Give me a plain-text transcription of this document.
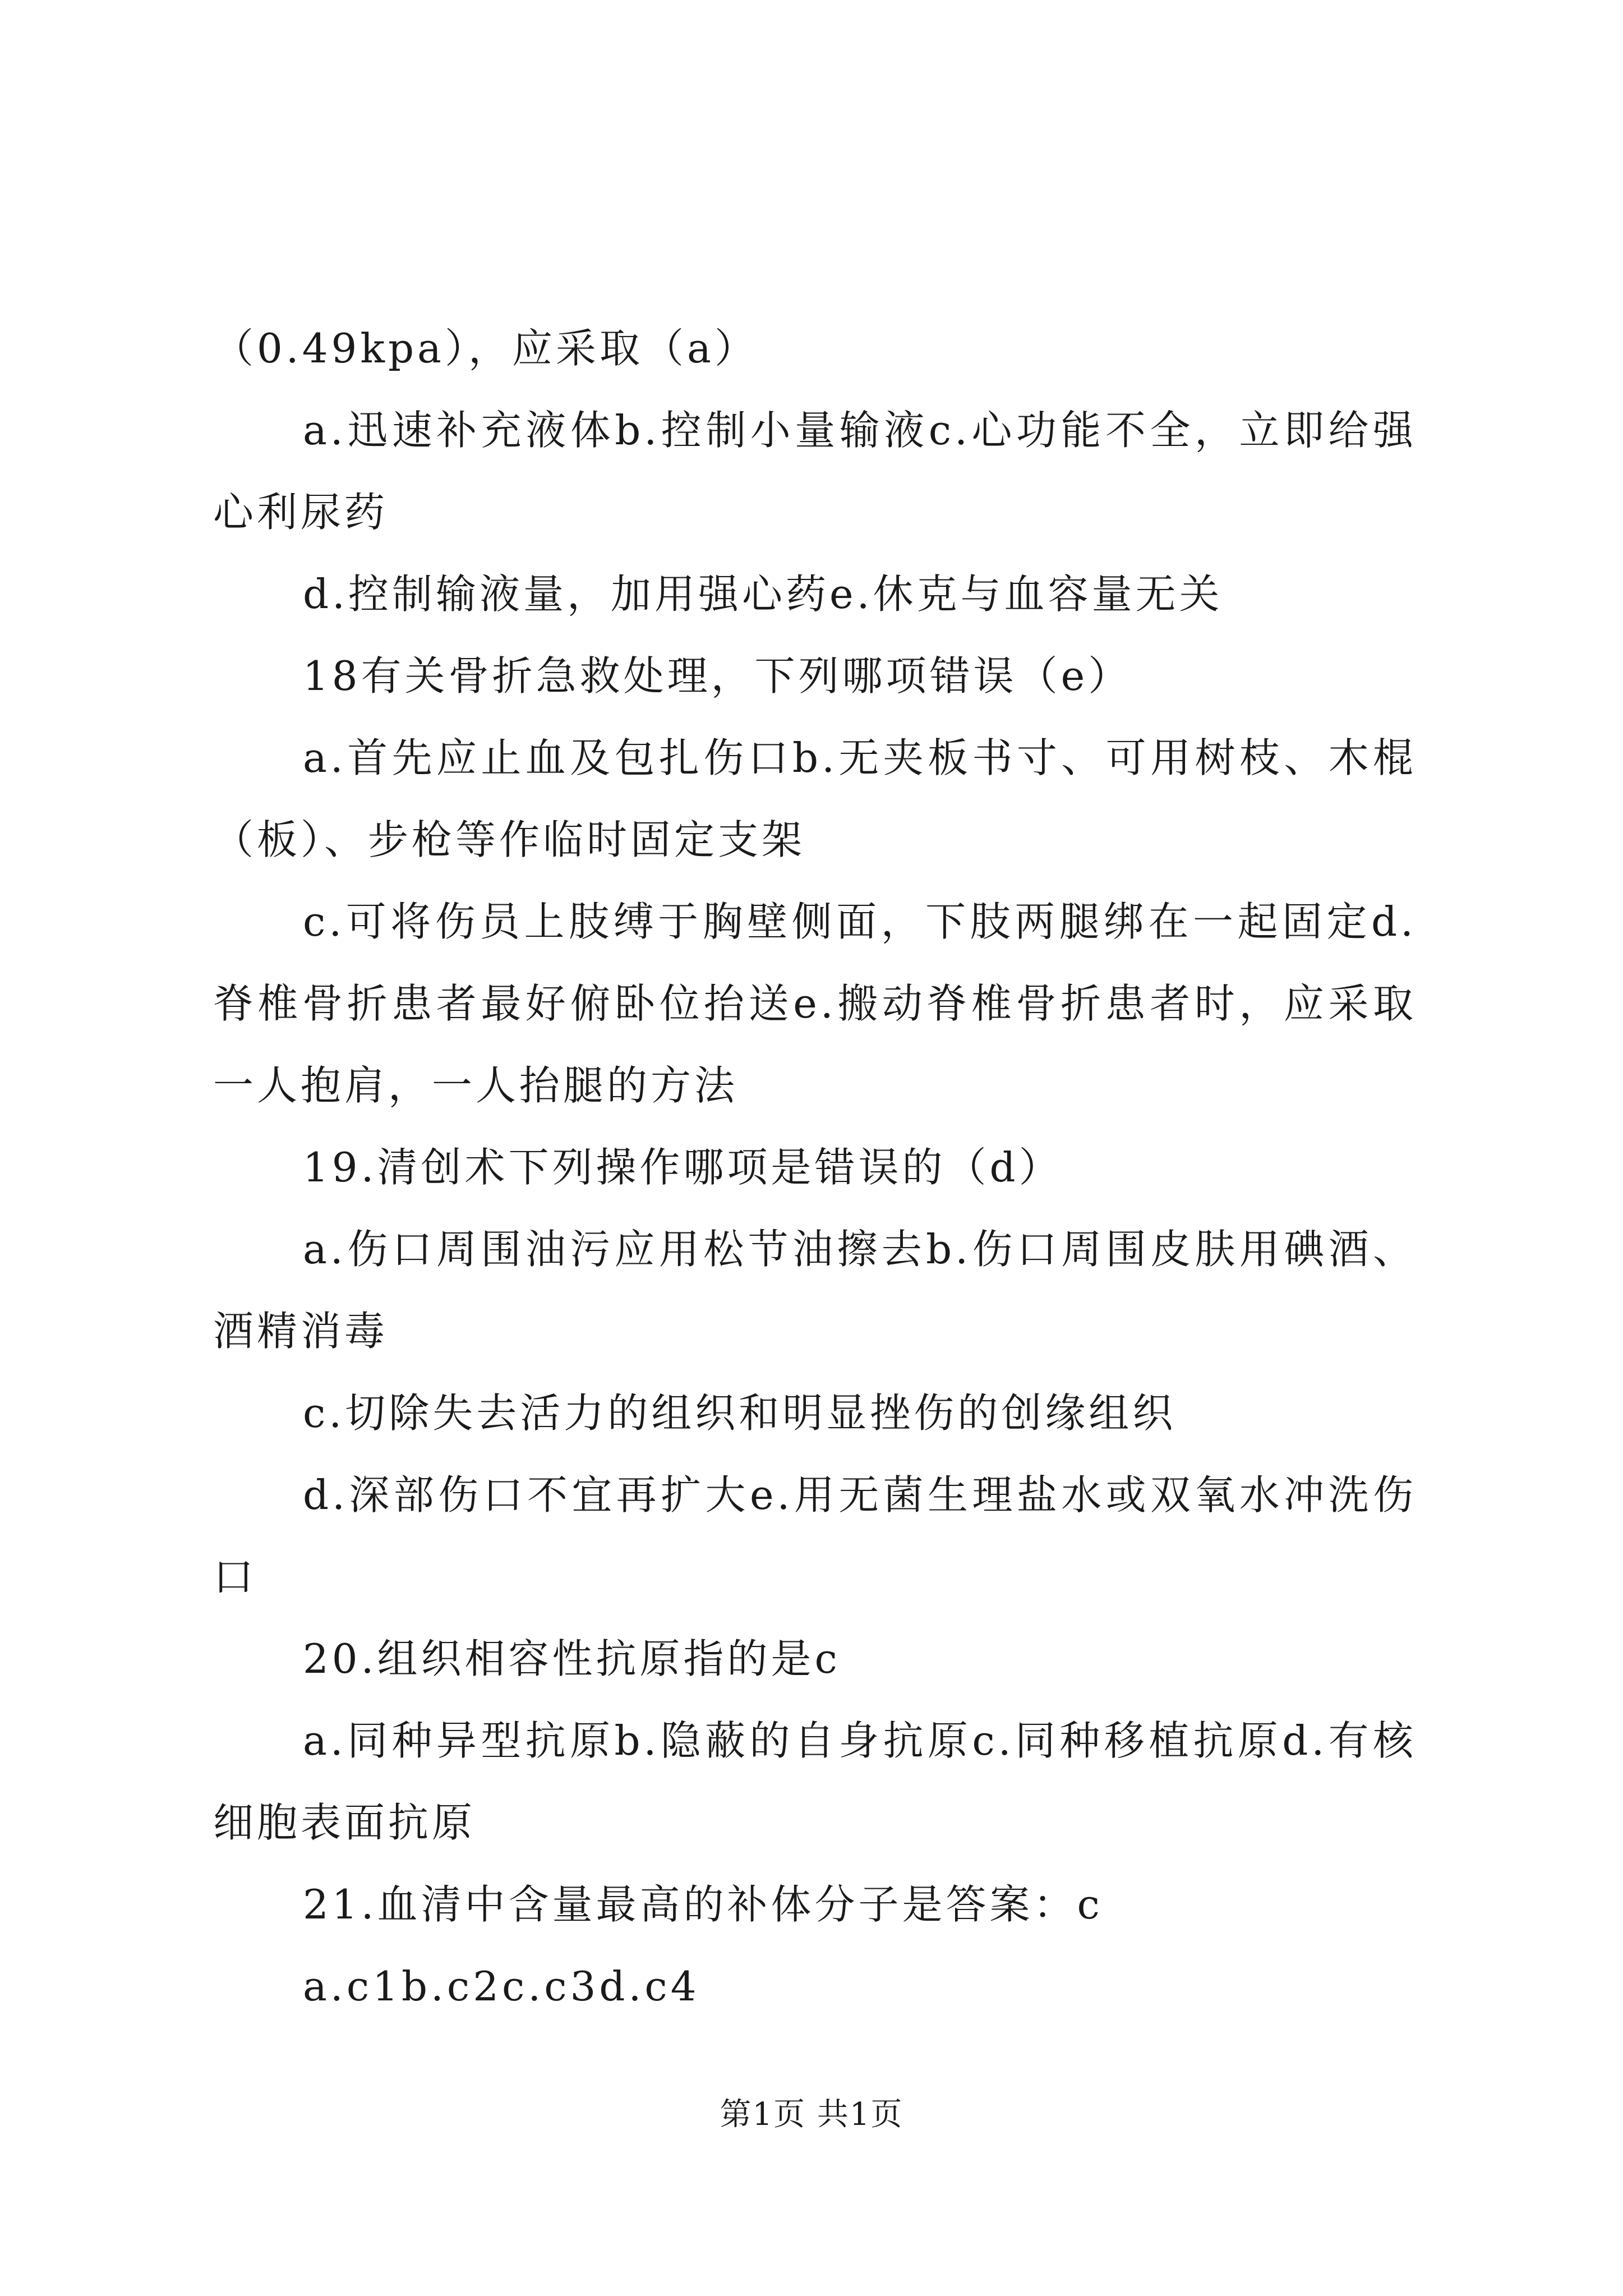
（0.49kpa），应采取（a）

a.迅速补充液体b.控制小量输液c.心功能不全，立即给强心利尿药

d.控制输液量，加用强心药e.休克与血容量无关

18有关骨折急救处理，下列哪项错误（e）

a.首先应止血及包扎伤口b.无夹板书寸、可用树枝、木棍（板）、步枪等作临时固定支架

c.可将伤员上肢缚于胸壁侧面，下肢两腿绑在一起固定d.脊椎骨折患者最好俯卧位抬送e.搬动脊椎骨折患者时，应采取一人抱肩，一人抬腿的方法

19.清创术下列操作哪项是错误的（d）

a.伤口周围油污应用松节油擦去b.伤口周围皮肤用碘酒、酒精消毒

c.切除失去活力的组织和明显挫伤的创缘组织

d.深部伤口不宜再扩大e.用无菌生理盐水或双氧水冲洗伤口

20.组织相容性抗原指的是c

a.同种异型抗原b.隐蔽的自身抗原c.同种移植抗原d.有核细胞表面抗原

21.血清中含量最高的补体分子是答案：c

a.c1b.c2c.c3d.c4

第1页 共1页
